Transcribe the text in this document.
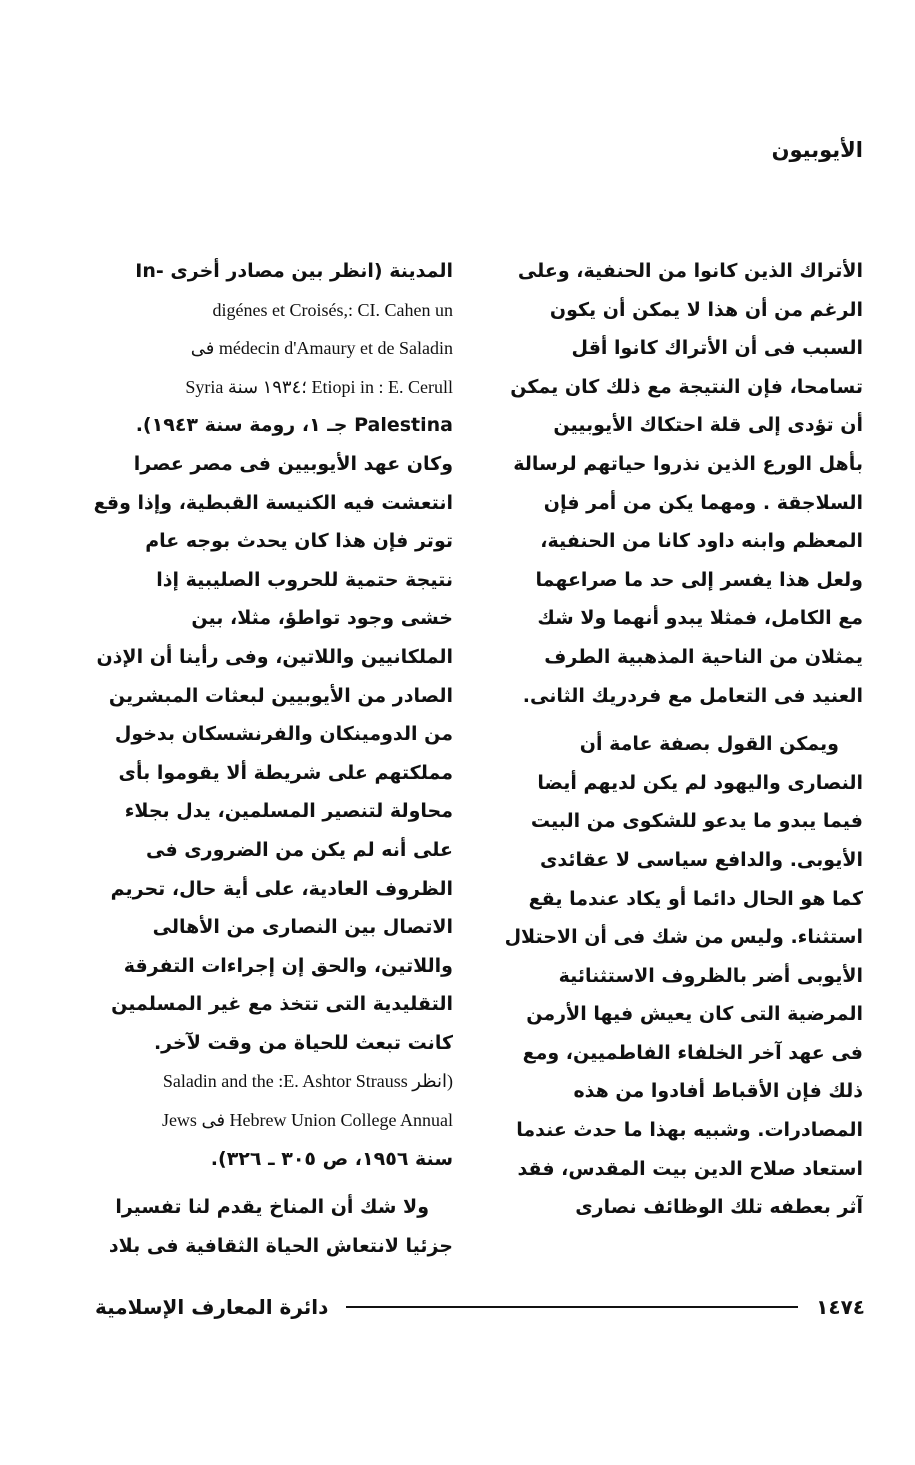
الأيوبيون
الأتراك الذين كانوا من الحنفية، وعلى
الرغم من أن هذا لا يمكن أن يكون
السبب فى أن الأتراك كانوا أقل
تسامحا، فإن النتيجة مع ذلك كان يمكن
أن تؤدى إلى قلة احتكاك الأيوبيين
بأهل الورع الذين نذروا حياتهم لرسالة
السلاجقة . ومهما يكن من أمر فإن
المعظم وابنه داود كانا من الحنفية،
ولعل هذا يفسر إلى حد ما صراعهما
مع الكامل، فمثلا يبدو أنهما ولا شك
يمثلان من الناحية المذهبية الطرف
العنيد فى التعامل مع فردريك الثانى.
ويمكن القول بصفة عامة أن
النصارى واليهود لم يكن لديهم أيضا
فيما يبدو ما يدعو للشكوى من البيت
الأيوبى. والدافع سياسى لا عقائدى
كما هو الحال دائما أو يكاد عندما يقع
استثناء. وليس من شك فى أن الاحتلال
الأيوبى أضر بالظروف الاستثنائية
المرضية التى كان يعيش فيها الأرمن
فى عهد آخر الخلفاء الفاطميين، ومع
ذلك فإن الأقباط أفادوا من هذه
المصادرات. وشبيه بهذا ما حدث عندما
استعاد صلاح الدين بيت المقدس، فقد
آثر بعطفه تلك الوظائف نصارى
المدينة (انظر بين مصادر أخرى -In
digénes et Croisés,: CI. Cahen un
médecin d'Amaury et de Saladin فى
Etiopi in : E. Cerull ؛١٩٣٤ سنة Syria
Palestina جـ ١، رومة سنة ١٩٤٣).
وكان عهد الأيوبيين فى مصر عصرا
انتعشت فيه الكنيسة القبطية، وإذا وقع
توتر فإن هذا كان يحدث بوجه عام
نتيجة حتمية للحروب الصليبية إذا
خشى وجود تواطؤ، مثلا، بين
الملكانيين واللاتين، وفى رأينا أن الإذن
الصادر من الأيوبيين لبعثات المبشرين
من الدومينكان والفرنشسكان بدخول
مملكتهم على شريطة ألا يقوموا بأى
محاولة لتنصير المسلمين، يدل بجلاء
على أنه لم يكن من الضرورى فى
الظروف العادية، على أية حال، تحريم
الاتصال بين النصارى من الأهالى
واللاتين، والحق إن إجراءات التفرقة
التقليدية التى تتخذ مع غير المسلمين
كانت تبعث للحياة من وقت لآخر.
(انظر Saladin and the :E. Ashtor Strauss
Hebrew Union College Annual فى Jews
سنة ١٩٥٦، ص ٣٠٥ ـ ٣٢٦).
ولا شك أن المناخ يقدم لنا تفسيرا
جزئيا لانتعاش الحياة الثقافية فى بلاد
١٤٧٤
دائرة المعارف الإسلامية
